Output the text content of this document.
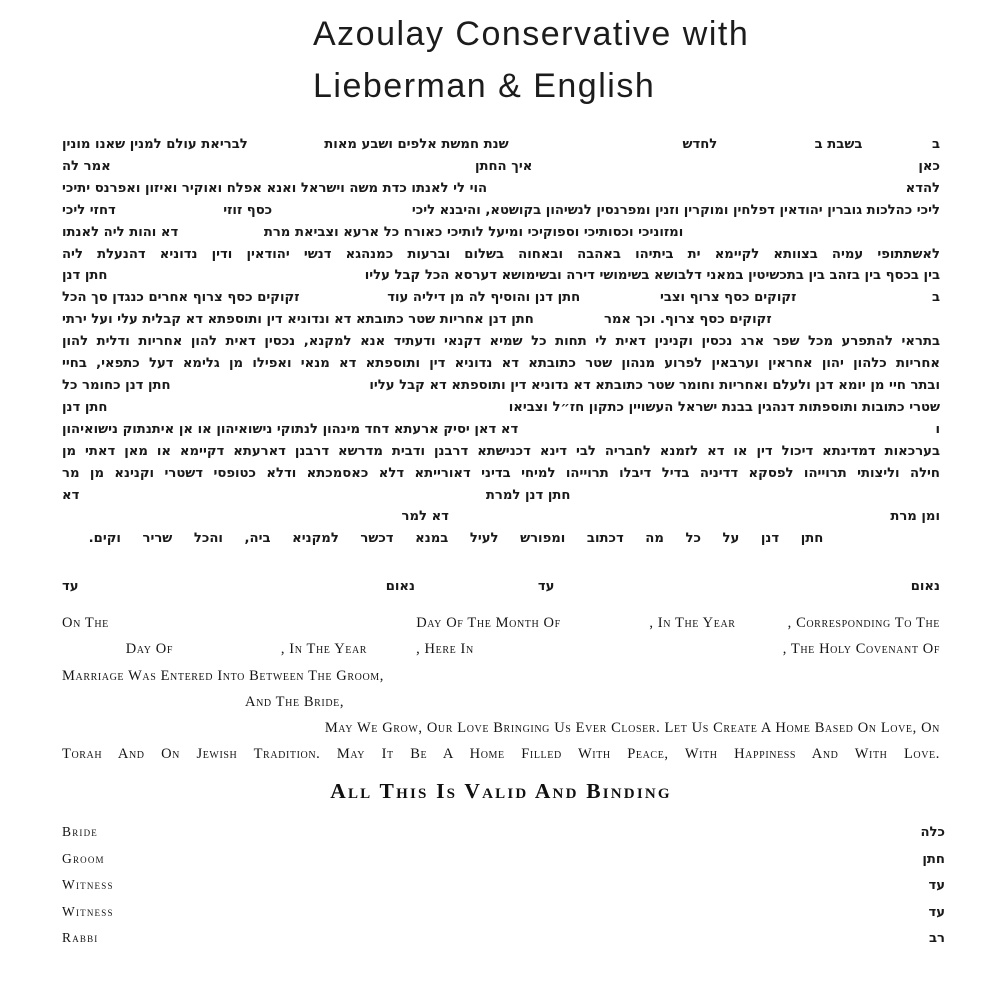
Azoulay Conservative with
Lieberman & English
ב
בשבת ב
לחדש
שנת חמשת אלפים ושבע מאות
לבריאת עולם למנין שאנו מונין
כאן
איך החתן
אמר לה
להדא
הוי לי לאנתו כדת משה וישראל ואנא אפלח ואוקיר ואיזון ואפרנס יתיכי
ליכי כהלכות גוברין יהודאין דפלחין ומוקרין וזנין ומפרנסין לנשיהון בקושטא, והיבנא ליכי
כסף זוזי
דחזי ליכי
ומזוניכי וכסותיכי וספוקיכי ומיעל לותיכי כאורח כל ארעא וצביאת מרת
דא והות ליה לאנתו
לאשתתופי עמיה בצוותא לקיימא ית ביתיהו באהבה ובאחוה בשלום וברעות כמנהגא דנשי יהודאין ודין נדוניא דהנעלת ליה
בין בכסף בין בזהב בין בתכשיטין במאני דלבושא בשימושי דירה ובשימושא דערסא הכל קבל עליו
חתן דנן
ב
זקוקים כסף צרוף וצבי
חתן דנן והוסיף לה מן דיליה עוד
זקוקים כסף צרוף אחרים כנגדן סך הכל
זקוקים כסף צרוף. וכך אמר
חתן דנן אחריות שטר כתובתא דא ונדוניא דין ותוספתא דא קבלית עלי ועל ירתי
בתראי להתפרע מכל שפר ארג נכסין וקנינין דאית לי תחות כל שמיא דקנאי ודעתיד אנא למקנא, נכסין דאית להון אחריות ודלית להון
אחריות כלהון יהון אחראין וערבאין לפרוע מנהון שטר כתובתא דא נדוניא דין ותוספתא דא מנאי ואפילו מן גלימא דעל כתפאי, בחיי
ובתר חיי מן יומא דנן ולעלם ואחריות וחומר שטר כתובתא דא נדוניא דין ותוספתא דא קבל עליו
חתן דנן כחומר כל
שטרי כתובות ותוספתות דנהגין בבנת ישראל העשויין כתקון חז״ל וצביאו
חתן דנן
ו
דא דאן יסיק ארעתא דחד מינהון לנתוקי נישואיהון או אן איתנתוק נישואיהון
בערכאות דמדינתא דיכול דין או דא לזמנא לחבריה לבי דינא דכנישתא דרבנן ודבית מדרשא דרבנן דארעתא דקיימא או מאן דאתי מן
חילה וליצותי תרוייהו לפסקא דדיניה בדיל דיבלו תרוייהו למיחי בדיני דאורייתא דלא כאסמכתא ודלא כטופסי דשטרי וקנינא מן מר
חתן דנן למרת
דא
ומן מרת
דא למר
חתן דנן על כל מה דכתוב ומפורש לעיל במנא דכשר למקניא ביה, והכל שריר וקים.
נאום
עד
נאום
עד
On The	Day Of The Month Of	, In The Year	, Corresponding To The
Day Of	, In The Year	, Here In	, The Holy Covenant Of
Marriage Was Entered Into Between The Groom,
And The Bride,
May We Grow, Our Love Bringing Us Ever Closer. Let Us Create A Home Based On Love, On
Torah And On Jewish Tradition. May It Be A Home Filled With Peace, With Happiness And With Love.
All This Is Valid And Binding
Bride	כלה
Groom	חתן
Witness	עד
Witness	עד
Rabbi	רב
